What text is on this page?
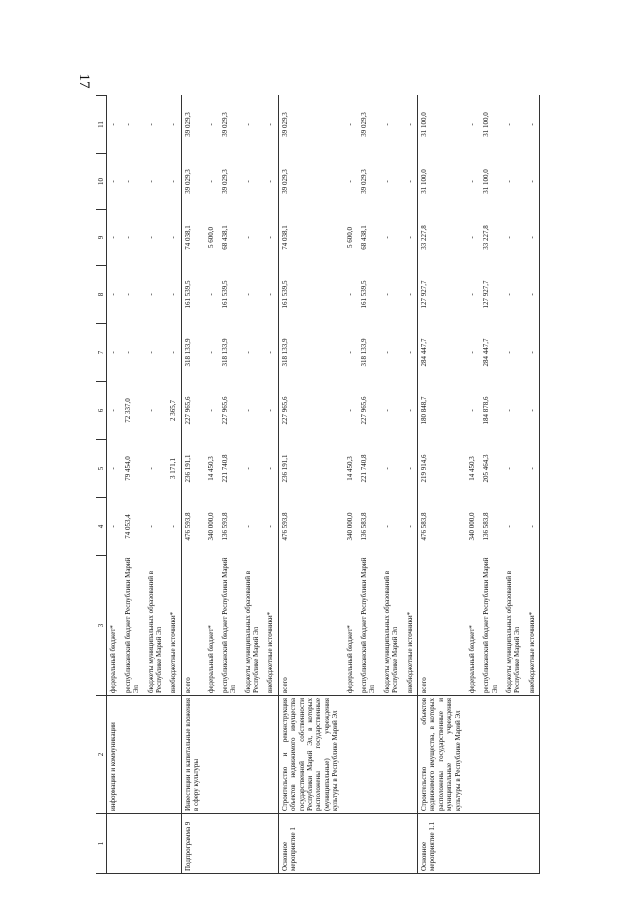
17
1	2	3	4	5	6	7	8	9	10	11
	информации и коммуникации	федеральный бюджет*	-	-	-	-	-	-	-	-
		республиканский бюджет Республики Марий Эл	74 053,4	79 454,0	72 337,0	-	-	-	-	-
		бюджеты муниципальных образований в Республике Марий Эл	-	-	-	-	-	-	-	-
		внебюджетные источники*	-	3 171,1	2 365,7	-	-	-	-	-
Подпрограмма 9	Инвестиции и капитальные вложения в сферу культуры	всего	476 593,8	236 191,1	227 965,6	318 133,9	161 539,5	74 038,1	39 029,3	39 029,3
		федеральный бюджет*	340 000,0	14 450,3	-	-	-	5 600,0	-	-
		республиканский бюджет Республики Марий Эл	136 593,8	221 740,8	227 965,6	318 133,9	161 539,5	68 438,1	39 029,3	39 029,3
		бюджеты муниципальных образований в Республике Марий Эл	-	-	-	-	-	-	-	-
		внебюджетные источники*	-	-	-	-	-	-	-	-
Основное мероприятие 1	Строительство и реконструкция объектов недвижимого имущества государственной собственности Республики Марий Эл, в которых расположены государственные (муниципальные) учреждения культуры в Республике Марий Эл	всего	476 593,8	236 191,1	227 965,6	318 133,9	161 539,5	74 038,1	39 029,3	39 029,3
		федеральный бюджет*	340 000,0	14 450,3	-	-	-	5 600,0	-	-
		республиканский бюджет Республики Марий Эл	136 583,8	221 740,8	227 965,6	318 133,9	161 539,5	68 438,1	39 029,3	39 029,3
		бюджеты муниципальных образований в Республике Марий Эл	-	-	-	-	-	-	-	-
		внебюджетные источники*	-	-	-	-	-	-	-	-
Основное мероприятие 1.1	Строительство объектов недвижимого имущества, в которых расположены государственные и муниципальные учреждения культуры в Республике Марий Эл	всего	476 583,8	219 914,6	180 848,7	284 447,7	127 927,7	33 227,8	31 100,0	31 100,0
		федеральный бюджет*	340 000,0	14 450,3	-	-	-	-	-	-
		республиканский бюджет Республики Марий Эл	136 583,8	205 464,3	184 878,6	284 447,7	127 927,7	33 227,8	31 100,0	31 100,0
		бюджеты муниципальных образований в Республике Марий Эл	-	-	-	-	-	-	-	-
		внебюджетные источники*	-	-	-	-	-	-	-	-
